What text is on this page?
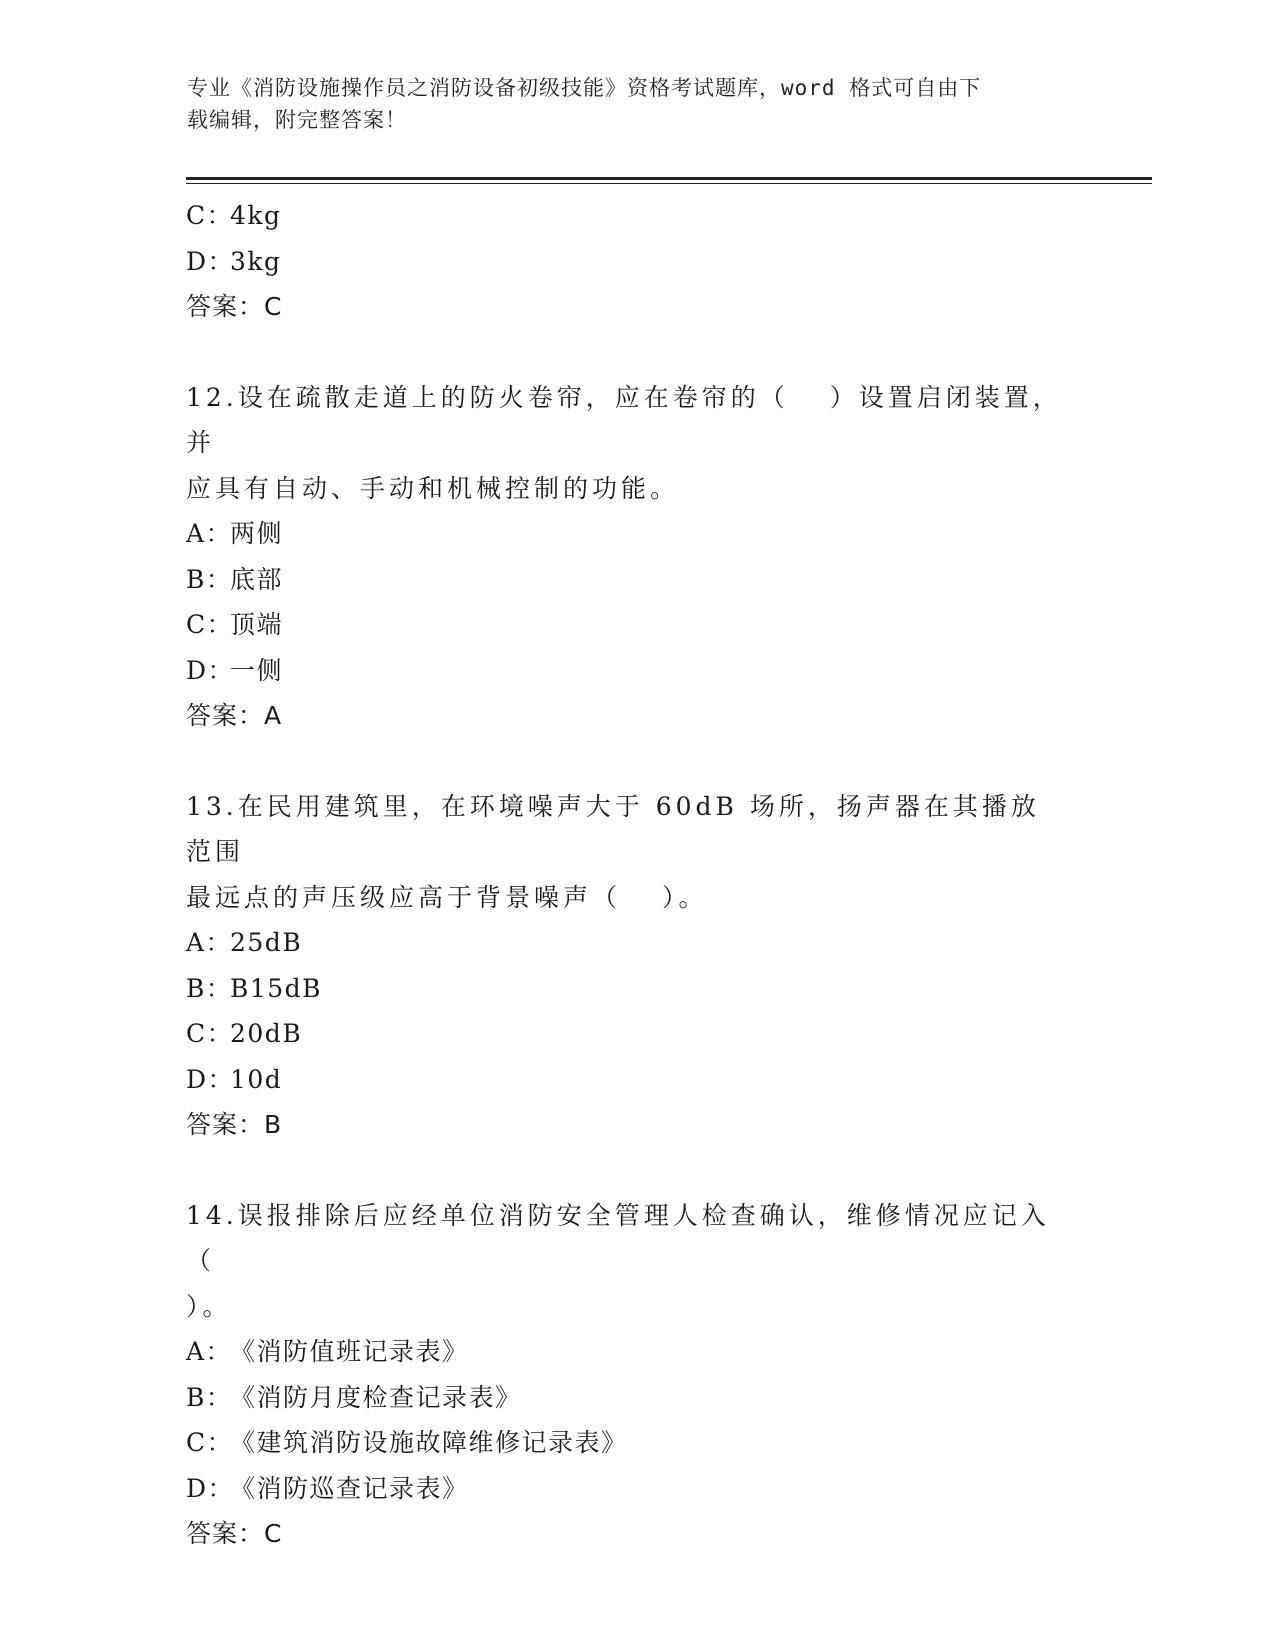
专业《消防设施操作员之消防设备初级技能》资格考试题库，word 格式可自由下
载编辑，附完整答案！
C：4kg
D：3kg
答案：C
12.设在疏散走道上的防火卷帘，应在卷帘的（　 ）设置启闭装置，并
应具有自动、手动和机械控制的功能。
A：两侧
B：底部
C：顶端
D：一侧
答案：A
13.在民用建筑里，在环境噪声大于 60dB 场所，扬声器在其播放范围
最远点的声压级应高于背景噪声（　 ）。
A：25dB
B：B15dB
C：20dB
D：10d
答案：B
14.误报排除后应经单位消防安全管理人检查确认，维修情况应记入（
）。
A：《消防值班记录表》
B：《消防月度检查记录表》
C：《建筑消防设施故障维修记录表》
D：《消防巡查记录表》
答案：C
